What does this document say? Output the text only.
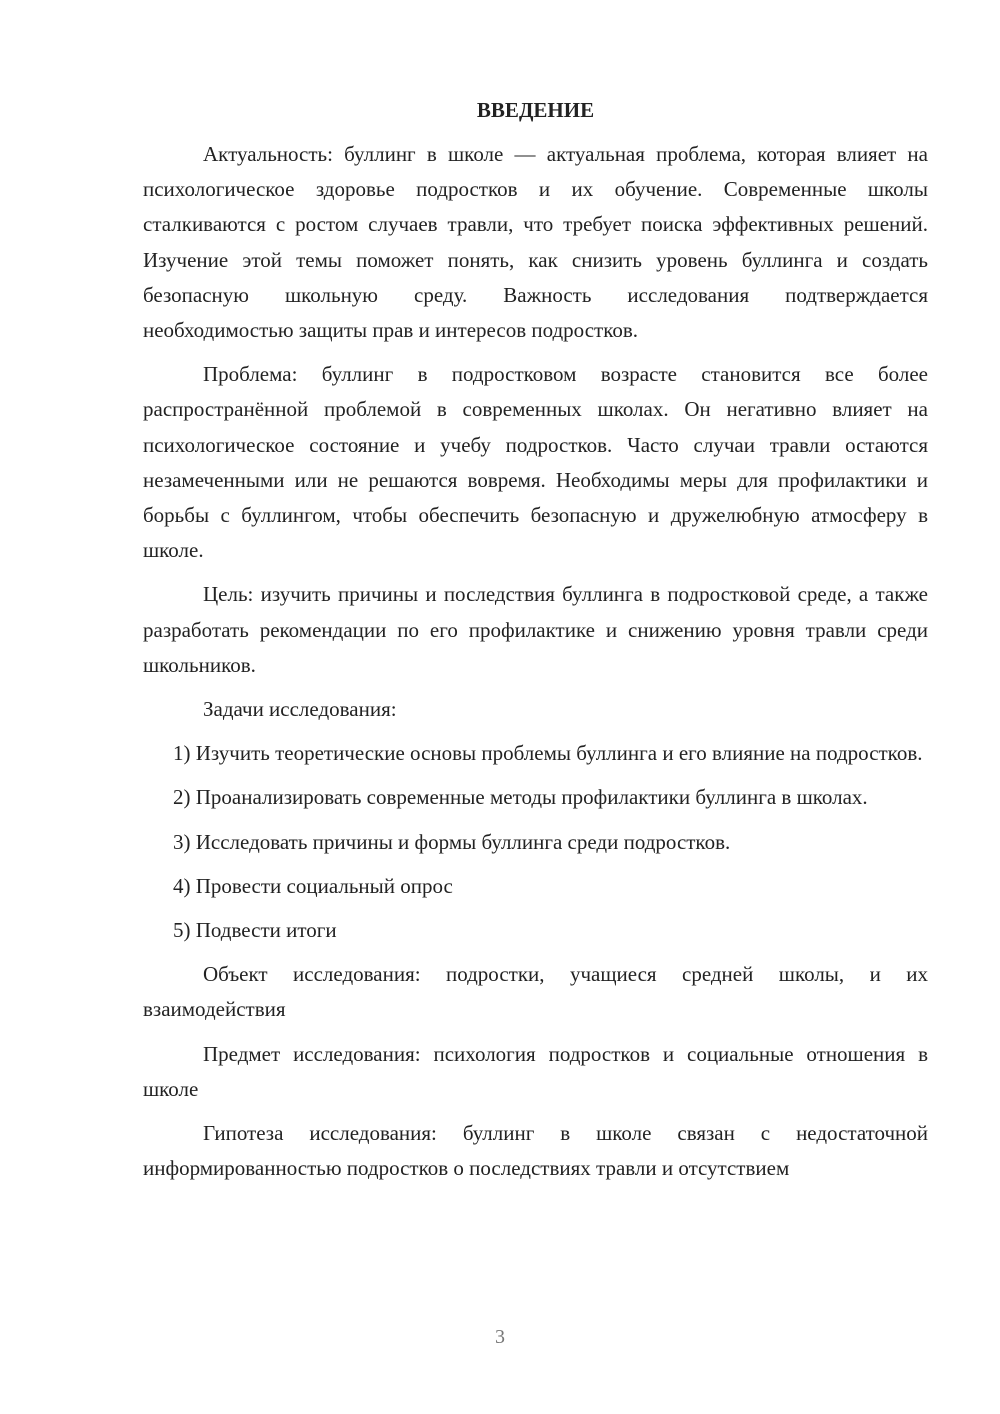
ВВЕДЕНИЕ

Актуальность: буллинг в школе — актуальная проблема, которая влияет на психологическое здоровье подростков и их обучение. Современные школы сталкиваются с ростом случаев травли, что требует поиска эффективных решений. Изучение этой темы поможет понять, как снизить уровень буллинга и создать безопасную школьную среду. Важность исследования подтверждается необходимостью защиты прав и интересов подростков.

Проблема: буллинг в подростковом возрасте становится все более распространённой проблемой в современных школах. Он негативно влияет на психологическое состояние и учебу подростков. Часто случаи травли остаются незамеченными или не решаются вовремя. Необходимы меры для профилактики и борьбы с буллингом, чтобы обеспечить безопасную и дружелюбную атмосферу в школе.

Цель: изучить причины и последствия буллинга в подростковой среде, а также разработать рекомендации по его профилактике и снижению уровня травли среди школьников.

Задачи исследования:

1) Изучить теоретические основы проблемы буллинга и его влияние на подростков.

2) Проанализировать современные методы профилактики буллинга в школах.

3) Исследовать причины и формы буллинга среди подростков.

4) Провести социальный опрос

5) Подвести итоги

Объект исследования: подростки, учащиеся средней школы, и их взаимодействия

Предмет исследования: психология подростков и социальные отношения в школе

Гипотеза исследования: буллинг в школе связан с недостаточной информированностью подростков о последствиях травли и отсутствием

3
